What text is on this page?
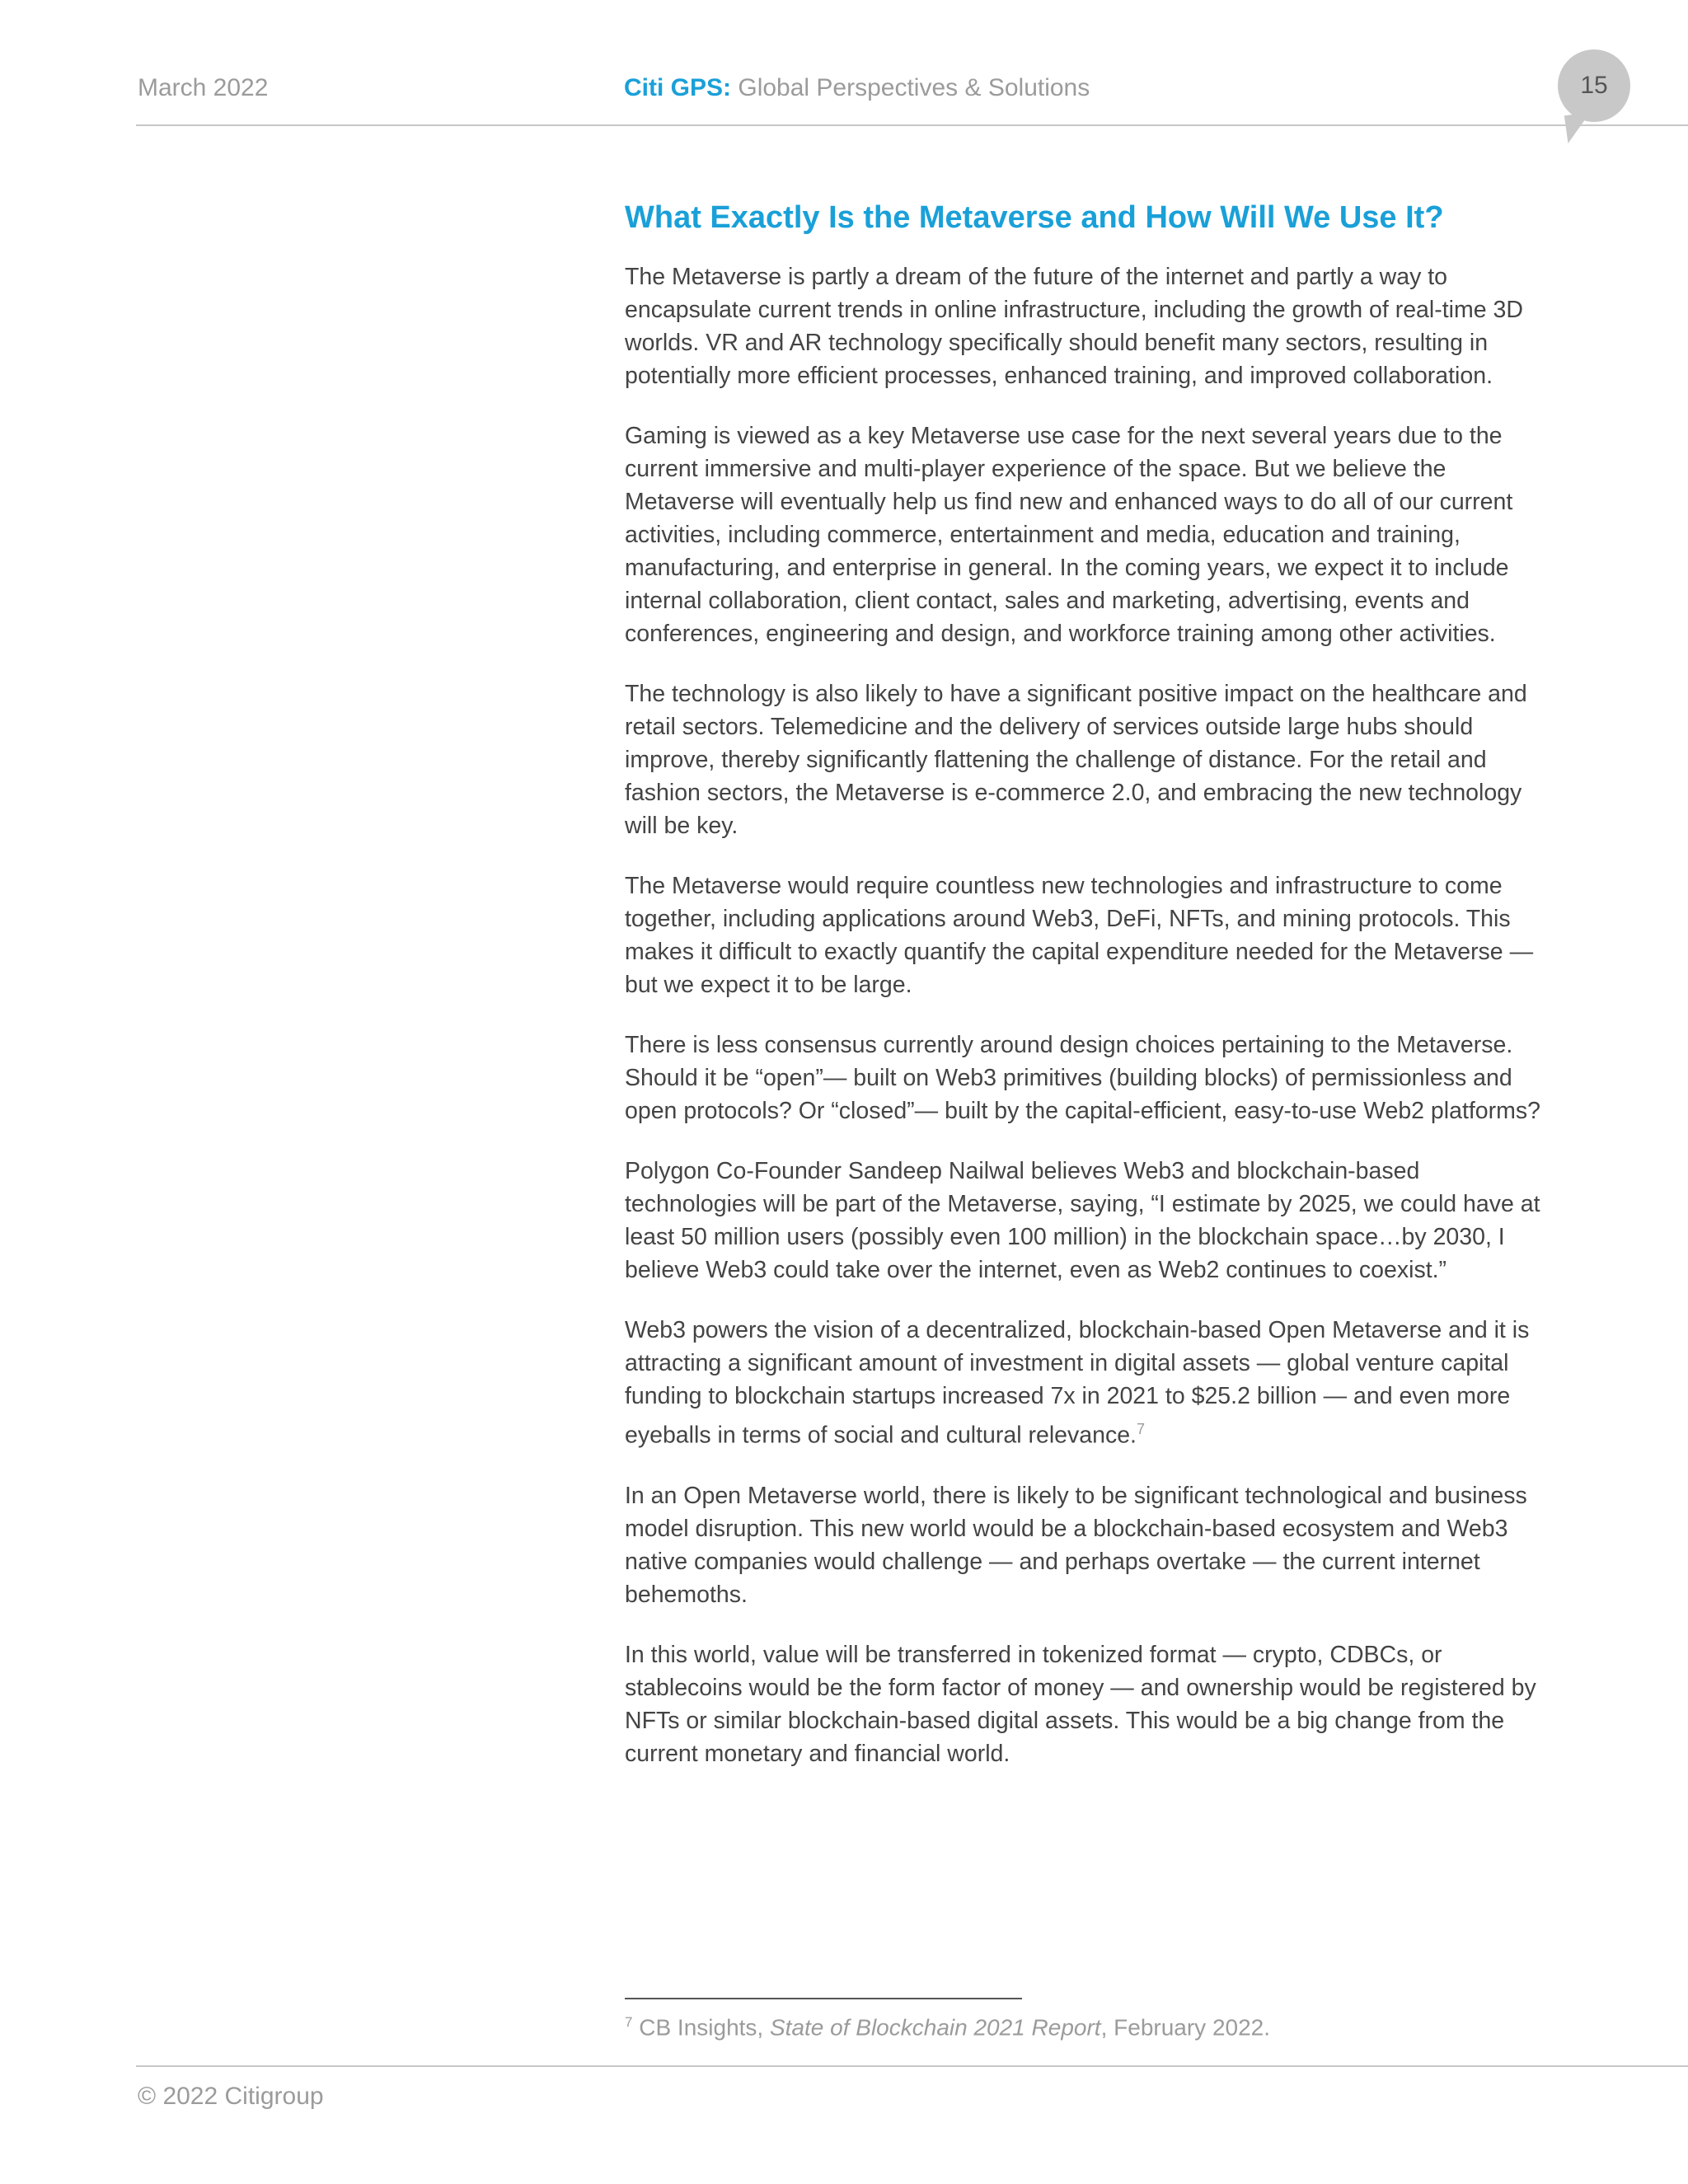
March 2022	Citi GPS: Global Perspectives & Solutions	15
What Exactly Is the Metaverse and How Will We Use It?

The Metaverse is partly a dream of the future of the internet and partly a way to encapsulate current trends in online infrastructure, including the growth of real-time 3D worlds. VR and AR technology specifically should benefit many sectors, resulting in potentially more efficient processes, enhanced training, and improved collaboration.

Gaming is viewed as a key Metaverse use case for the next several years due to the current immersive and multi-player experience of the space. But we believe the Metaverse will eventually help us find new and enhanced ways to do all of our current activities, including commerce, entertainment and media, education and training, manufacturing, and enterprise in general. In the coming years, we expect it to include internal collaboration, client contact, sales and marketing, advertising, events and conferences, engineering and design, and workforce training among other activities.

The technology is also likely to have a significant positive impact on the healthcare and retail sectors. Telemedicine and the delivery of services outside large hubs should improve, thereby significantly flattening the challenge of distance. For the retail and fashion sectors, the Metaverse is e-commerce 2.0, and embracing the new technology will be key.

The Metaverse would require countless new technologies and infrastructure to come together, including applications around Web3, DeFi, NFTs, and mining protocols. This makes it difficult to exactly quantify the capital expenditure needed for the Metaverse — but we expect it to be large.

There is less consensus currently around design choices pertaining to the Metaverse. Should it be “open”— built on Web3 primitives (building blocks) of permissionless and open protocols? Or “closed”— built by the capital-efficient, easy-to-use Web2 platforms?

Polygon Co-Founder Sandeep Nailwal believes Web3 and blockchain-based technologies will be part of the Metaverse, saying, “I estimate by 2025, we could have at least 50 million users (possibly even 100 million) in the blockchain space…by 2030, I believe Web3 could take over the internet, even as Web2 continues to coexist.”

Web3 powers the vision of a decentralized, blockchain-based Open Metaverse and it is attracting a significant amount of investment in digital assets — global venture capital funding to blockchain startups increased 7x in 2021 to $25.2 billion — and even more eyeballs in terms of social and cultural relevance.$^7$

In an Open Metaverse world, there is likely to be significant technological and business model disruption. This new world would be a blockchain-based ecosystem and Web3 native companies would challenge — and perhaps overtake — the current internet behemoths.

In this world, value will be transferred in tokenized format — crypto, CDBCs, or stablecoins would be the form factor of money — and ownership would be registered by NFTs or similar blockchain-based digital assets. This would be a big change from the current monetary and financial world.

$^7$ CB Insights, State of Blockchain 2021 Report, February 2022.
© 2022 Citigroup
